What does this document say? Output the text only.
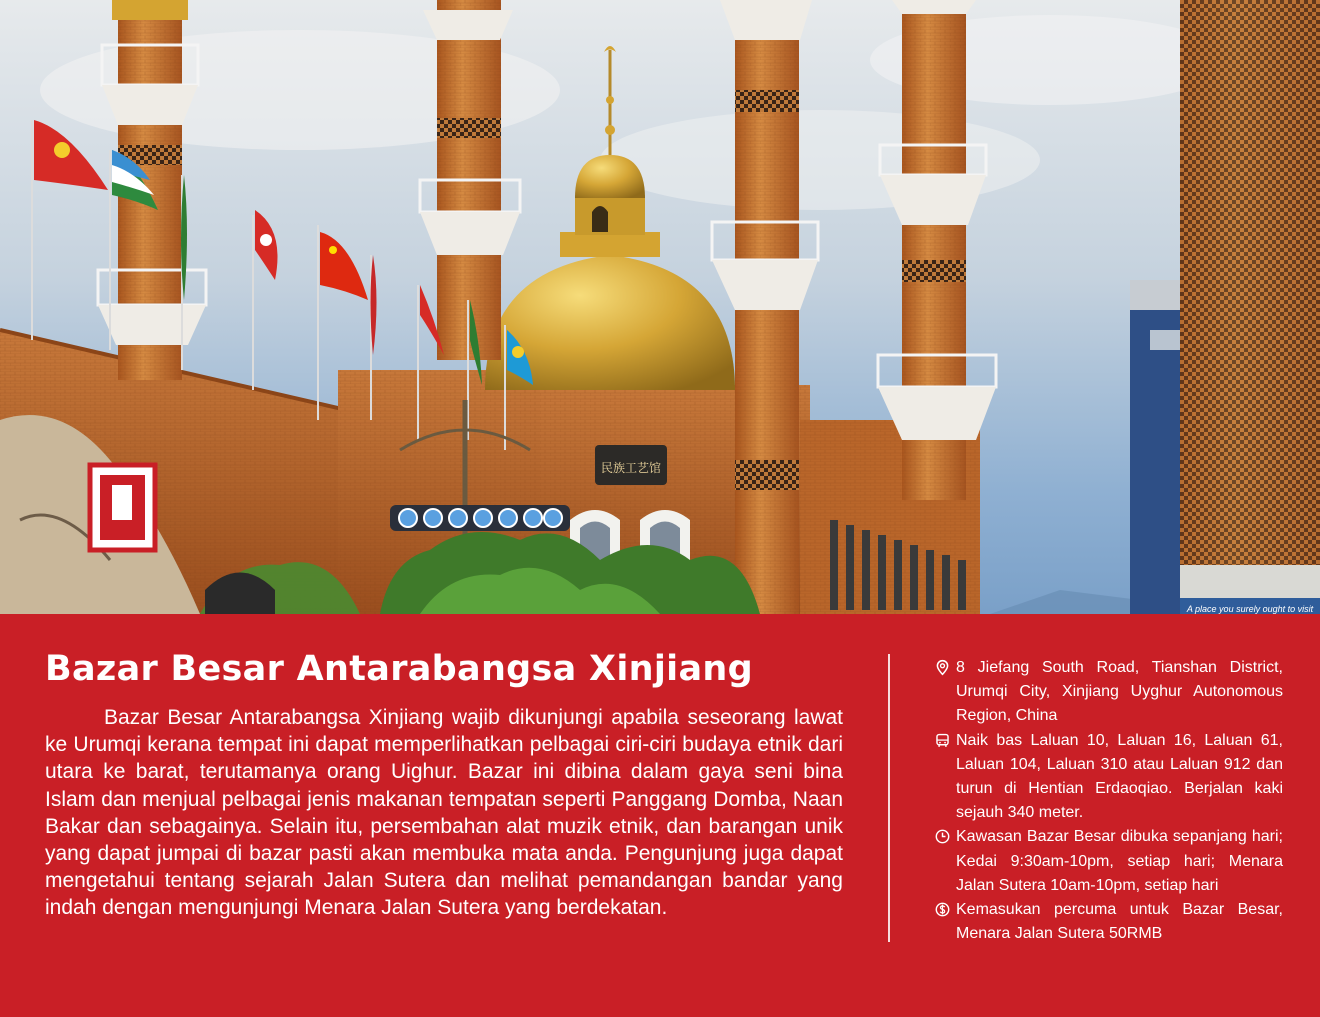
民族工艺馆
A place you surely ought to visit
Bazar Besar Antarabangsa Xinjiang

Bazar Besar Antarabangsa Xinjiang wajib dikunjungi apabila seseorang lawat ke Urumqi kerana tempat ini dapat memperlihatkan pelbagai ciri-ciri budaya etnik dari utara ke barat, terutamanya orang Uighur. Bazar ini dibina dalam gaya seni bina Islam dan menjual pelbagai jenis makanan tempatan seperti Panggang Domba, Naan Bakar dan sebagainya. Selain itu, persembahan alat muzik etnik, dan barangan unik yang dapat jumpai di bazar pasti akan membuka mata anda. Pengunjung juga dapat mengetahui tentang sejarah Jalan Sutera dan melihat pemandangan bandar yang indah dengan mengunjungi Menara Jalan Sutera yang berdekatan.

8 Jiefang South Road, Tianshan District, Urumqi City, Xinjiang Uyghur Autonomous Region, China
Naik bas Laluan 10, Laluan 16, Laluan 61, Laluan 104, Laluan 310 atau Laluan 912 dan turun di Hentian Erdaoqiao. Berjalan kaki sejauh 340 meter.
Kawasan Bazar Besar dibuka sepanjang hari; Kedai 9:30am-10pm, setiap hari; Menara Jalan Sutera 10am-10pm, setiap hari
Kemasukan percuma untuk Bazar Besar, Menara Jalan Sutera 50RMB
